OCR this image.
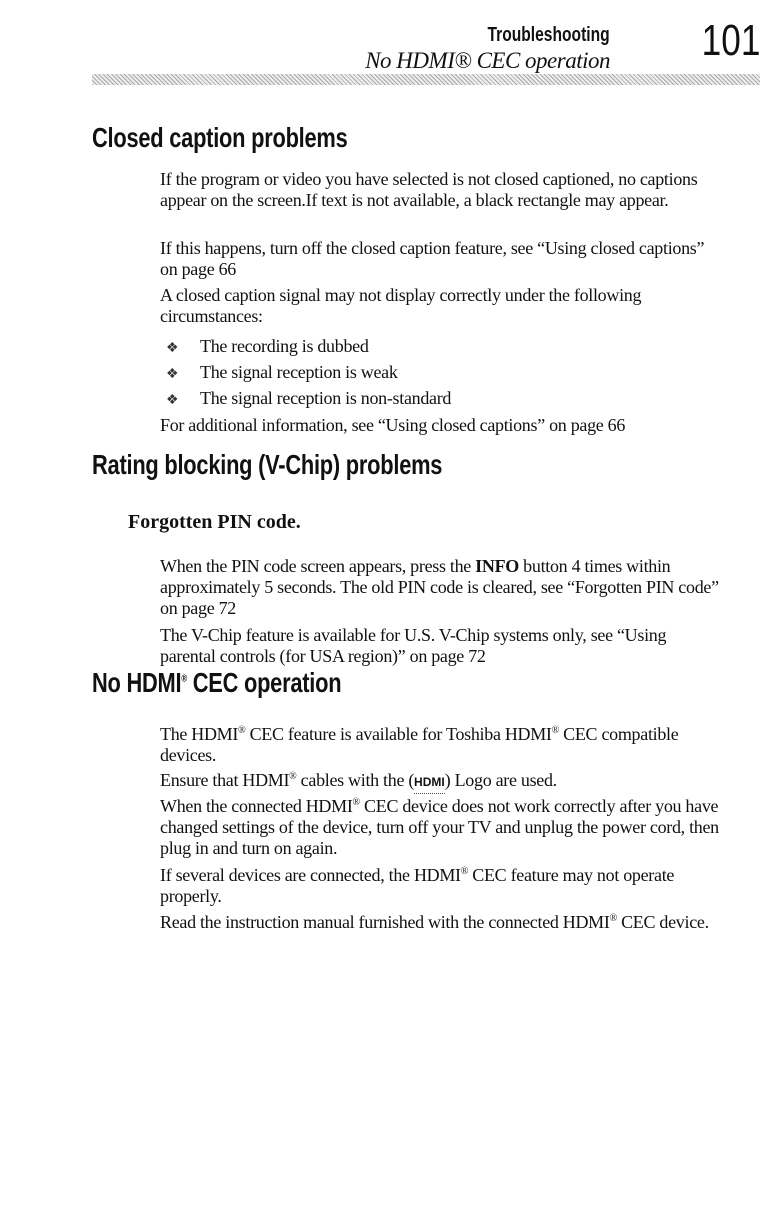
Troubleshooting
No HDMI® CEC operation 101
Closed caption problems
If the program or video you have selected is not closed captioned, no captions appear on the screen.If text is not available, a black rectangle may appear.
If this happens, turn off the closed caption feature, see “Using closed captions” on page 66
A closed caption signal may not display correctly under the following circumstances:
❖ The recording is dubbed
❖ The signal reception is weak
❖ The signal reception is non-standard
For additional information, see “Using closed captions” on page 66
Rating blocking (V-Chip) problems
Forgotten PIN code.
When the PIN code screen appears, press the INFO button 4 times within approximately 5 seconds. The old PIN code is cleared, see “Forgotten PIN code” on page 72
The V-Chip feature is available for U.S. V-Chip systems only, see “Using parental controls (for USA region)” on page 72
No HDMI® CEC operation
The HDMI® CEC feature is available for Toshiba HDMI® CEC compatible devices.
Ensure that HDMI® cables with the (HDMI) Logo are used.
When the connected HDMI® CEC device does not work correctly after you have changed settings of the device, turn off your TV and unplug the power cord, then plug in and turn on again.
If several devices are connected, the HDMI® CEC feature may not operate properly.
Read the instruction manual furnished with the connected HDMI® CEC device.
